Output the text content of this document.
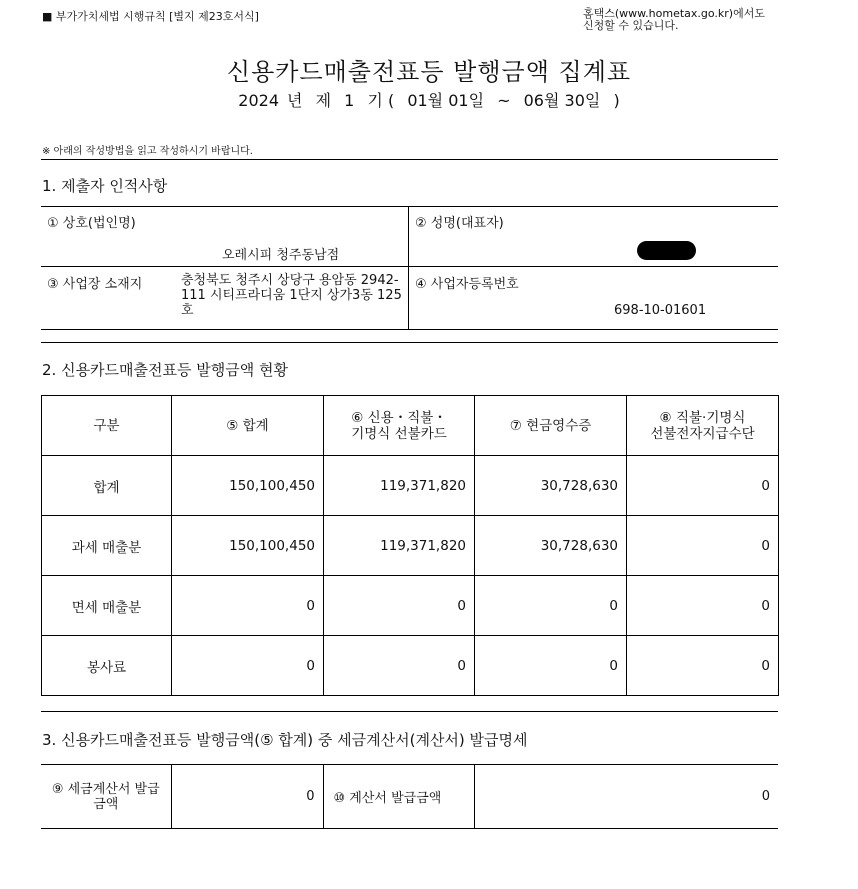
■ 부가가치세법 시행규칙 [별지 제23호서식]	홈택스(www.hometax.go.kr)에서도
신청할 수 있습니다.
신용카드매출전표등 발행금액 집계표
2024 년 제 1 기 ( 01월 01일 ~ 06월 30일 )
※ 아래의 작성방법을 읽고 작성하시기 바랍니다.
1. 제출자 인적사항
① 상호(법인명)
오레시피 청주동남점
② 성명(대표자)
③ 사업장 소재지	충청북도 청주시 상당구 용암동 2942-111 시티프라디움 1단지 상가3동 125호
④ 사업자등록번호
698-10-01601
2. 신용카드매출전표등 발행금액 현황
구분	⑤ 합계	⑥ 신용・직불・
기명식 선불카드	⑦ 현금영수증	⑧ 직불·기명식
선불전자지급수단
합계	150,100,450	119,371,820	30,728,630	0
과세 매출분	150,100,450	119,371,820	30,728,630	0
면세 매출분	0	0	0	0
봉사료	0	0	0	0
3. 신용카드매출전표등 발행금액(⑤ 합계) 중 세금계산서(계산서) 발급명세
⑨ 세금계산서 발급
금액	0	⑩ 계산서 발급금액	0
